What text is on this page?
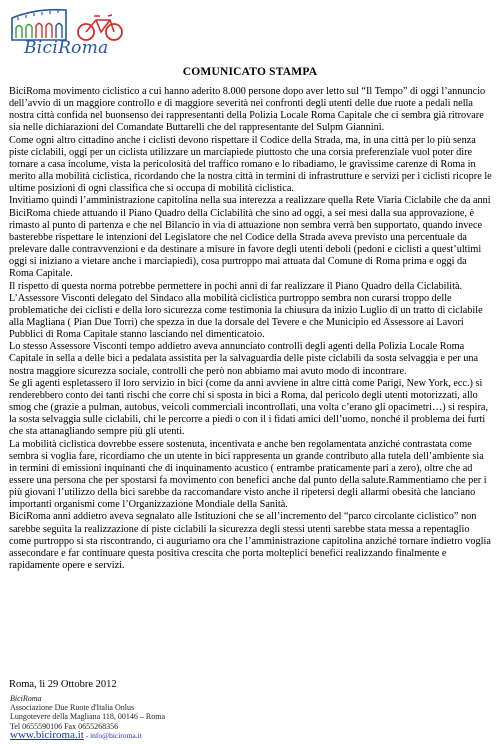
BiciRoma
COMUNICATO STAMPA

BiciRoma movimento ciclistico a cui hanno aderito 8.000 persone dopo aver letto sul “Il Tempo” di oggi l’annuncio dell’avvio di un maggiore controllo e di maggiore severità nei confronti degli utenti delle due ruote a pedali nella nostra città confida nel buonsenso dei rappresentanti della Polizia Locale Roma Capitale che ci sembra già ritrovare sia nelle dichiarazioni del Comandate Buttarelli che del rappresentante del Sulpm Giannini.

Come ogni altro cittadino anche i ciclisti devono rispettare il Codice della Strada, ma, in una città per lo più senza piste ciclabili, oggi per un ciclista utilizzare un marciapiede piuttosto che una corsia preferenziale vuol poter dire tornare a casa incolume, vista la pericolosità del traffico romano e lo ribadiamo, le gravissime carenze di Roma in merito alla mobilità ciclistica, ricordando che la nostra città in termini di infrastrutture e servizi per i ciclisti ricopre le ultime posizioni di ogni classifica che si occupa di mobilità ciclistica.

Invitiamo quindi l’amministrazione capitolina nella sua interezza a realizzare quella Rete Viaria Ciclabile che da anni BiciRoma chiede attuando il Piano Quadro della Ciclabilità che sino ad oggi, a sei mesi dalla sua approvazione, è rimasto al punto di partenza e che nel Bilancio in via di attuazione non sembra verrà ben supportato, quando invece basterebbe rispettare le intenzioni del Legislatore che nel Codice della Strada aveva previsto una percentuale da prelevare dalle contravvenzioni e da destinare a misure in favore degli utenti deboli (pedoni e ciclisti a quest’ultimi oggi si iniziano a vietare anche i marciapiedi), cosa purtroppo mai attuata dal Comune di Roma prima e oggi da Roma Capitale.

Il rispetto di questa norma potrebbe permettere in pochi anni di far realizzare il Piano Quadro della Ciclabilità.

L’Assessore Visconti delegato del Sindaco alla mobilità ciclistica purtroppo sembra non curarsi troppo delle problematiche dei ciclisti e della loro sicurezza come testimonia la chiusura da inizio Luglio di un tratto di ciclabile alla Magliana ( Pian Due Torri) che spezza in due la dorsale del Tevere e che Municipio ed Assessore ai Lavori Pubblici di Roma Capitale stanno lasciando nel dimenticatoio.

Lo stesso Assessore Visconti tempo addietro aveva annunciato controlli degli agenti della Polizia Locale Roma Capitale in sella a delle bici a pedalata assistita per la salvaguardia delle piste ciclabili da sosta selvaggia e per una nostra maggiore sicurezza sociale, controlli che però non abbiamo mai avuto modo di incontrare.

Se gli agenti espletassero il loro servizio in bici (come da anni avviene in altre città come Parigi, New York, ecc.) si renderebbero conto dei tanti rischi che corre chi si sposta in bici a Roma, dal pericolo degli utenti motorizzati, allo smog che (grazie a pulman, autobus, veicoli commerciali incontrollati, una volta c’erano gli opacimetri…) si respira, la sosta selvaggia sulle ciclabili, chi le percorre a piedi o con il i fidati amici dell’uomo, nonché il problema dei furti che sta attanagliando sempre più gli utenti.

La mobilità ciclistica dovrebbe essere sostenuta, incentivata e anche ben regolamentata anziché contrastata come sembra si voglia fare, ricordiamo che un utente in bici rappresenta un grande contributo alla tutela dell’ambiente sia in termini di emissioni inquinanti che di inquinamento acustico ( entrambe praticamente pari a zero), oltre che ad essere una persona che per spostarsi fa movimento con benefici anche dal punto della salute.Rammentiamo che per i più giovani l’utilizzo della bici sarebbe da raccomandare visto anche il ripetersi degli allarmi obesità che lanciano importanti organismi come l’Organizzazione Mondiale della Sanità.

BiciRoma anni addietro aveva segnalato alle Istituzioni che se all’incremento del “parco circolante ciclistico” non sarebbe seguita la realizzazione di piste ciclabili la sicurezza degli stessi utenti sarebbe stata messa a repentaglio come purtroppo si sta riscontrando, ci auguriamo ora che l’amministrazione capitolina anziché tornare indietro voglia assecondare e far continuare questa positiva crescita che porta molteplici benefici realizzando finalmente e rapidamente opere e servizi.

Roma, lì 29 Ottobre 2012
BiciRoma
Associazione Due Ruote d'Italia Onlus
Lungotevere della Magliana 118, 00146 – Roma
Tel 0655590106 Fax 0655268356
www.biciroma.it - info@biciroma.it
